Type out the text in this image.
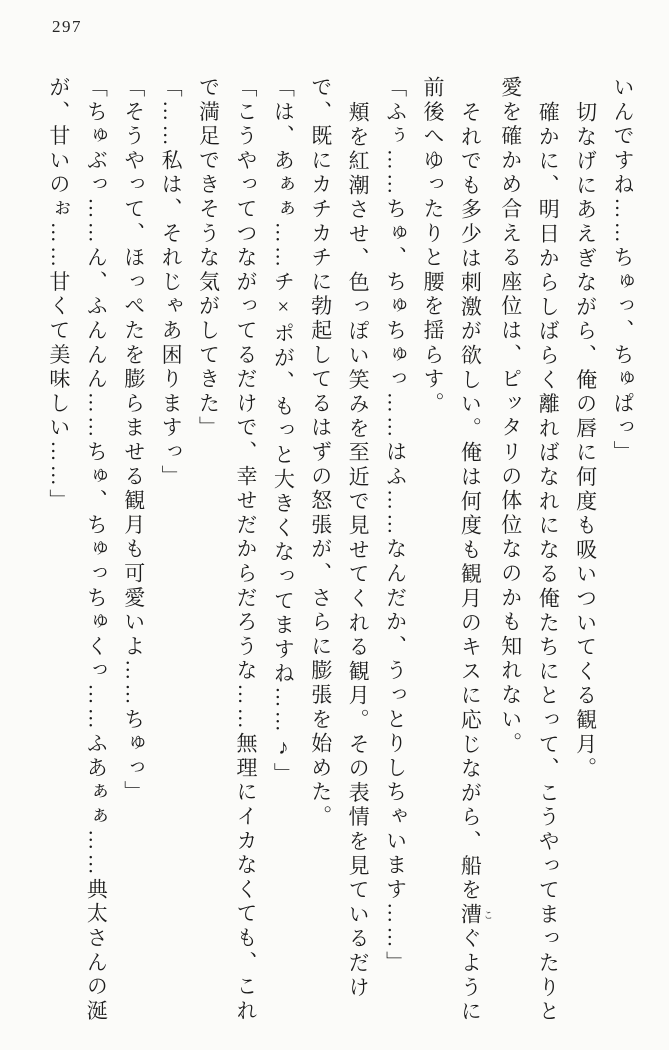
297

いんですね……ちゅっ、ちゅぱっ」

切なげにあえぎながら、俺の唇に何度も吸いついてくる観月。

確かに、明日からしばらく離ればなれになる俺たちにとって、こうやってまったりと愛を確かめ合える座位は、ピッタリの体位なのかも知れない。

それでも多少は刺激が欲しい。俺は何度も観月のキスに応じながら、船を漕 こぐように前後へゆったりと腰を揺らす。

「ふぅ……ちゅ、ちゅちゅっ……はふ……なんだか、うっとりしちゃいます……」

頬を紅潮させ、色っぽい笑みを至近で見せてくれる観月。その表情を見ているだけで、既にカチカチに勃起してるはずの怒張が、さらに膨張を始めた。

「は、あぁぁ……チ×ポが、もっと大きくなってますね……♪」

「こうやってつながってるだけで、幸せだからだろうな……無理にイカなくても、これで満足できそうな気がしてきた」

「……私は、それじゃあ困りますっ」

「そうやって、ほっぺたを膨らませる観月も可愛いよ……ちゅっ」

「ちゅぶっ……ん、ふんんん……ちゅ、ちゅっちゅくっ……ふあぁぁ……典太さんの涎が、甘いのぉ……甘くて美味しい……」
